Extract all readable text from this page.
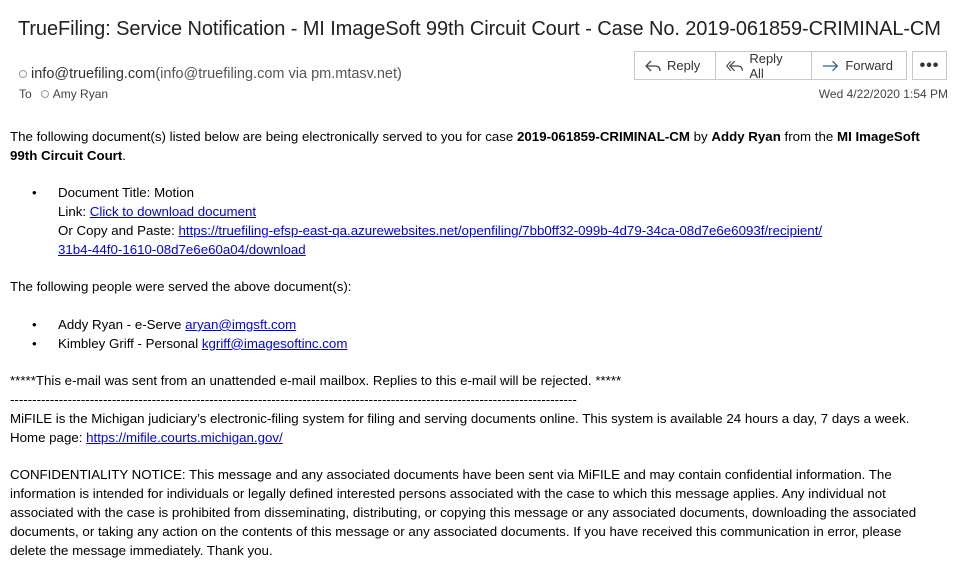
TrueFiling: Service Notification - MI ImageSoft 99th Circuit Court - Case No. 2019-061859-CRIMINAL-CM
Reply	Reply All	Forward	•••
info@truefiling.com (info@truefiling.com via pm.mtasv.net)
To Amy Ryan	Wed 4/22/2020 1:54 PM

The following document(s) listed below are being electronically served to you for case 2019-061859-CRIMINAL-CM by Addy Ryan from the MI ImageSoft 99th Circuit Court.

•	Document Title: Motion
Link: Click to download document
Or Copy and Paste: https://truefiling-efsp-east-qa.azurewebsites.net/openfiling/7bb0ff32-099b-4d79-34ca-08d7e6e6093f/recipient/
31b4-44f0-1610-08d7e6e60a04/download

The following people were served the above document(s):

•	Addy Ryan - e-Serve aryan@imgsft.com
•	Kimbley Griff - Personal kgriff@imagesoftinc.com

*****This e-mail was sent from an unattended e-mail mailbox. Replies to this e-mail will be rejected. *****

--------------------------------------------------------------------------------------------------------------------------------

MiFILE is the Michigan judiciary’s electronic-filing system for filing and serving documents online. This system is available 24 hours a day, 7 days a week.

Home page: https://mifile.courts.michigan.gov/

CONFIDENTIALITY NOTICE: This message and any associated documents have been sent via MiFILE and may contain confidential information. The information is intended for individuals or legally defined interested persons associated with the case to which this message applies. Any individual not associated with the case is prohibited from disseminating, distributing, or copying this message or any associated documents, downloading the associated documents, or taking any action on the contents of this message or any associated documents. If you have received this communication in error, please delete the message immediately. Thank you.
